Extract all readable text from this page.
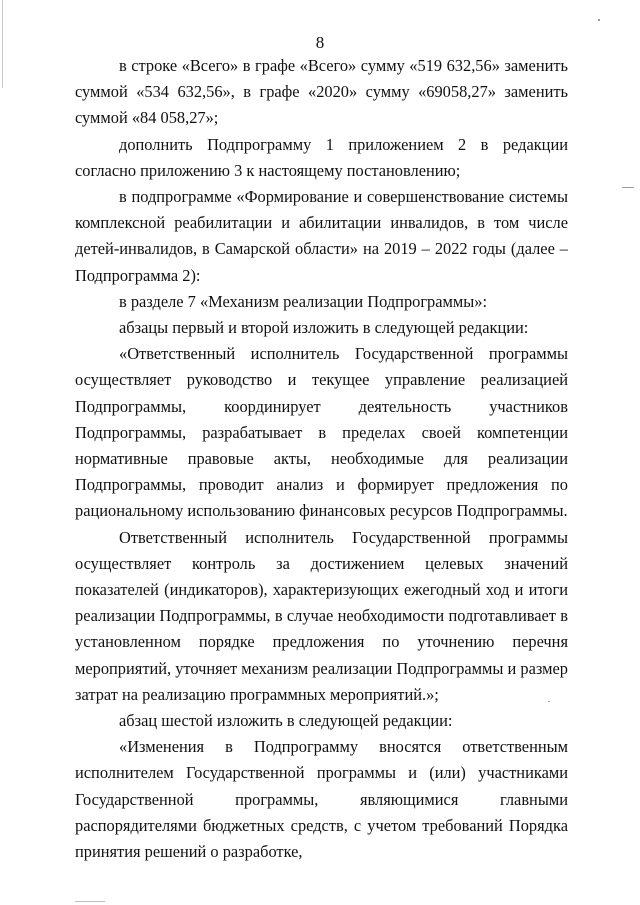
8

в строке «Всего» в графе «Всего» сумму «519 632,56» заменить суммой «534 632,56», в графе «2020» сумму «69058,27» заменить суммой «84 058,27»;

дополнить Подпрограмму 1 приложением 2 в редакции согласно приложению 3 к настоящему постановлению;

в подпрограмме «Формирование и совершенствование системы комплексной реабилитации и абилитации инвалидов, в том числе детей-инвалидов, в Самарской области» на 2019 – 2022 годы (далее – Подпрограмма 2):

в разделе 7 «Механизм реализации Подпрограммы»:

абзацы первый и второй изложить в следующей редакции:

«Ответственный исполнитель Государственной программы осуществляет руководство и текущее управление реализацией Подпрограммы, координирует деятельность участников Подпрограммы, разрабатывает в пределах своей компетенции нормативные правовые акты, необходимые для реализации Подпрограммы, проводит анализ и формирует предложения по рациональному использованию финансовых ресурсов Подпрограммы.

Ответственный исполнитель Государственной программы осуществляет контроль за достижением целевых значений показателей (индикаторов), характеризующих ежегодный ход и итоги реализации Подпрограммы, в случае необходимости подготавливает в установленном порядке предложения по уточнению перечня мероприятий, уточняет механизм реализации Подпрограммы и размер затрат на реализацию программных мероприятий.»;

абзац шестой изложить в следующей редакции:

«Изменения в Подпрограмму вносятся ответственным исполнителем Государственной программы и (или) участниками Государственной программы, являющимися главными распорядителями бюджетных средств, с учетом требований Порядка принятия решений о разработке,
